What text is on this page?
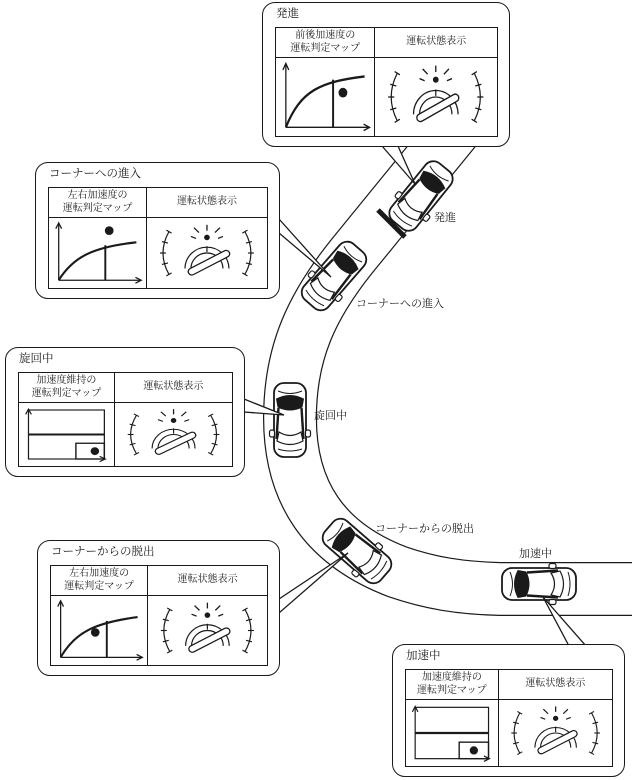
発進
コーナーへの進入
旋回中
コーナーからの脱出
加速中
発進
前後加速度の
運転判定マップ
運転状態表示
コーナーへの進入
左右加速度の
運転判定マップ
運転状態表示
旋回中
加速度維持の
運転判定マップ
運転状態表示
コーナーからの脱出
左右加速度の
運転判定マップ
運転状態表示
加速中
加速度維持の
運転判定マップ
運転状態表示
